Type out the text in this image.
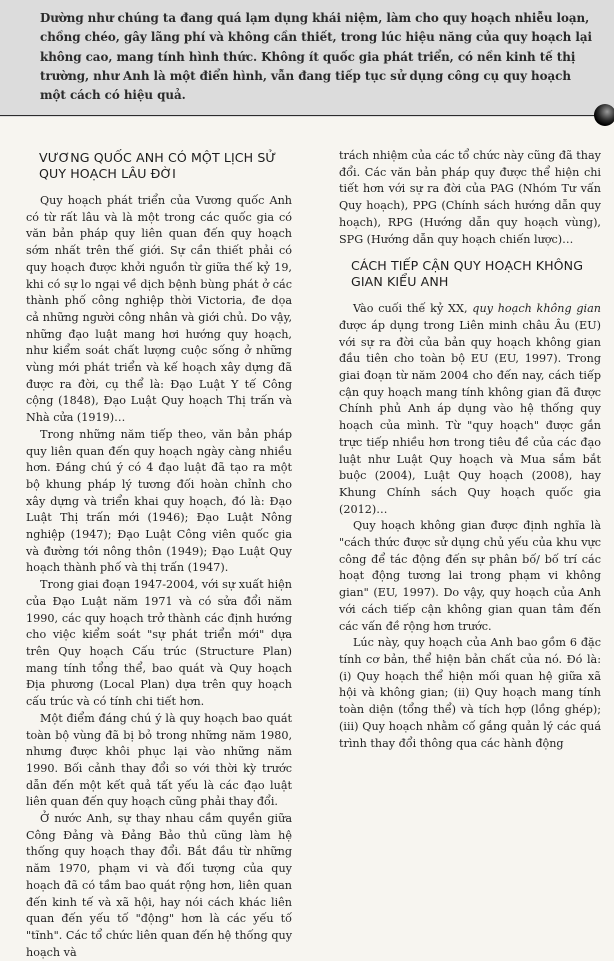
Dường như chúng ta đang quá lạm dụng khái niệm, làm cho quy hoạch nhiễu loạn, chồng chéo, gây lãng phí và không cần thiết, trong lúc hiệu năng của quy hoạch lại không cao, mang tính hình thức. Không ít quốc gia phát triển, có nền kinh tế thị trường, như Anh là một điển hình, vẫn đang tiếp tục sử dụng công cụ quy hoạch một cách có hiệu quả.

VƯƠNG QUỐC ANH CÓ MỘT LỊCH SỬ QUY HOẠCH LÂU ĐỜI

Quy hoạch phát triển của Vương quốc Anh có từ rất lâu và là một trong các quốc gia có văn bản pháp quy liên quan đến quy hoạch sớm nhất trên thế giới. Sự cần thiết phải có quy hoạch được khởi nguồn từ giữa thế kỷ 19, khi có sự lo ngại về dịch bệnh bùng phát ở các thành phố công nghiệp thời Victoria, đe dọa cả những người công nhân và giới chủ. Do vậy, những đạo luật mang hơi hướng quy hoạch, như kiểm soát chất lượng cuộc sống ở những vùng mới phát triển và kế hoạch xây dựng đã được ra đời, cụ thể là: Đạo Luật Y tế Công cộng (1848), Đạo Luật Quy hoạch Thị trấn và Nhà cửa (1919)…

Trong những năm tiếp theo, văn bản pháp quy liên quan đến quy hoạch ngày càng nhiều hơn. Đáng chú ý có 4 đạo luật đã tạo ra một bộ khung pháp lý tương đối hoàn chỉnh cho xây dựng và triển khai quy hoạch, đó là: Đạo Luật Thị trấn mới (1946); Đạo Luật Nông nghiệp (1947); Đạo Luật Công viên quốc gia và đường tới nông thôn (1949); Đạo Luật Quy hoạch thành phố và thị trấn (1947).

Trong giai đoạn 1947-2004, với sự xuất hiện của Đạo Luật năm 1971 và có sửa đổi năm 1990, các quy hoạch trở thành các định hướng cho việc kiểm soát "sự phát triển mới" dựa trên Quy hoạch Cấu trúc (Structure Plan) mang tính tổng thể, bao quát và Quy hoạch Địa phương (Local Plan) dựa trên quy hoạch cấu trúc và có tính chi tiết hơn.

Một điểm đáng chú ý là quy hoạch bao quát toàn bộ vùng đã bị bỏ trong những năm 1980, nhưng được khôi phục lại vào những năm 1990. Bối cảnh thay đổi so với thời kỳ trước dẫn đến một kết quả tất yếu là các đạo luật liên quan đến quy hoạch cũng phải thay đổi.

Ở nước Anh, sự thay nhau cầm quyền giữa Công Đảng và Đảng Bảo thủ cũng làm hệ thống quy hoạch thay đổi. Bắt đầu từ những năm 1970, phạm vi và đối tượng của quy hoạch đã có tầm bao quát rộng hơn, liên quan đến kinh tế và xã hội, hay nói cách khác liên quan đến yếu tố "động" hơn là các yếu tố "tĩnh". Các tổ chức liên quan đến hệ thống quy hoạch và

trách nhiệm của các tổ chức này cũng đã thay đổi. Các văn bản pháp quy được thể hiện chi tiết hơn với sự ra đời của PAG (Nhóm Tư vấn Quy hoạch), PPG (Chính sách hướng dẫn quy hoạch), RPG (Hướng dẫn quy hoạch vùng), SPG (Hướng dẫn quy hoạch chiến lược)…

CÁCH TIẾP CẬN QUY HOẠCH KHÔNG GIAN KIỂU ANH

Vào cuối thế kỷ XX, quy hoạch không gian được áp dụng trong Liên minh châu Âu (EU) với sự ra đời của bản quy hoạch không gian đầu tiên cho toàn bộ EU (EU, 1997). Trong giai đoạn từ năm 2004 cho đến nay, cách tiếp cận quy hoạch mang tính không gian đã được Chính phủ Anh áp dụng vào hệ thống quy hoạch của mình. Từ "quy hoạch" được gắn trực tiếp nhiều hơn trong tiêu đề của các đạo luật như Luật Quy hoạch và Mua sắm bắt buộc (2004), Luật Quy hoạch (2008), hay Khung Chính sách Quy hoạch quốc gia (2012)…

Quy hoạch không gian được định nghĩa là "cách thức được sử dụng chủ yếu của khu vực công để tác động đến sự phân bố/ bố trí các hoạt động tương lai trong phạm vi không gian" (EU, 1997). Do vậy, quy hoạch của Anh với cách tiếp cận không gian quan tâm đến các vấn đề rộng hơn trước.

Lúc này, quy hoạch của Anh bao gồm 6 đặc tính cơ bản, thể hiện bản chất của nó. Đó là: (i) Quy hoạch thể hiện mối quan hệ giữa xã hội và không gian; (ii) Quy hoạch mang tính toàn diện (tổng thể) và tích hợp (lồng ghép); (iii) Quy hoạch nhằm cố gắng quản lý các quá trình thay đổi thông qua các hành động
